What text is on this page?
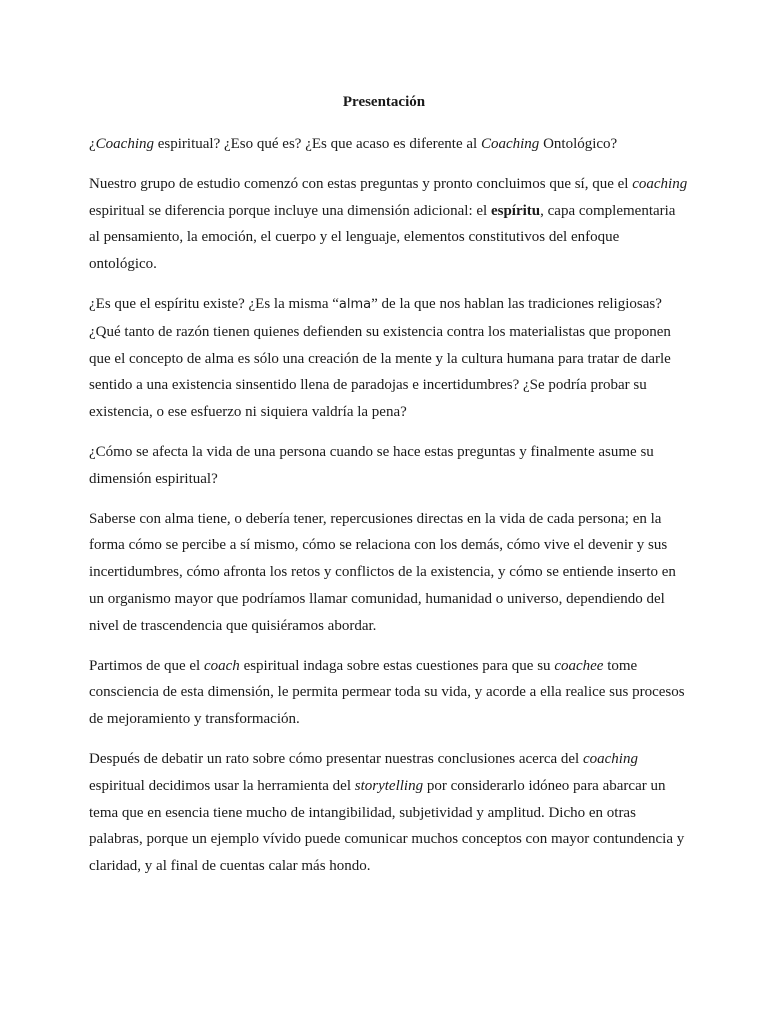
Presentación

¿Coaching espiritual? ¿Eso qué es? ¿Es que acaso es diferente al Coaching Ontológico?

Nuestro grupo de estudio comenzó con estas preguntas y pronto concluimos que sí, que el coaching espiritual se diferencia porque incluye una dimensión adicional: el espíritu, capa complementaria al pensamiento, la emoción, el cuerpo y el lenguaje, elementos constitutivos del enfoque ontológico.

¿Es que el espíritu existe? ¿Es la misma “alma” de la que nos hablan las tradiciones religiosas? ¿Qué tanto de razón tienen quienes defienden su existencia contra los materialistas que proponen que el concepto de alma es sólo una creación de la mente y la cultura humana para tratar de darle sentido a una existencia sinsentido llena de paradojas e incertidumbres? ¿Se podría probar su existencia, o ese esfuerzo ni siquiera valdría la pena?

¿Cómo se afecta la vida de una persona cuando se hace estas preguntas y finalmente asume su dimensión espiritual?

Saberse con alma tiene, o debería tener, repercusiones directas en la vida de cada persona; en la forma cómo se percibe a sí mismo, cómo se relaciona con los demás, cómo vive el devenir y sus incertidumbres, cómo afronta los retos y conflictos de la existencia, y cómo se entiende inserto en un organismo mayor que podríamos llamar comunidad, humanidad o universo, dependiendo del nivel de trascendencia que quisiéramos abordar.

Partimos de que el coach espiritual indaga sobre estas cuestiones para que su coachee tome consciencia de esta dimensión, le permita permear toda su vida, y acorde a ella realice sus procesos de mejoramiento y transformación.

Después de debatir un rato sobre cómo presentar nuestras conclusiones acerca del coaching espiritual decidimos usar la herramienta del storytelling por considerarlo idóneo para abarcar un tema que en esencia tiene mucho de intangibilidad, subjetividad y amplitud. Dicho en otras palabras, porque un ejemplo vívido puede comunicar muchos conceptos con mayor contundencia y claridad, y al final de cuentas calar más hondo.
